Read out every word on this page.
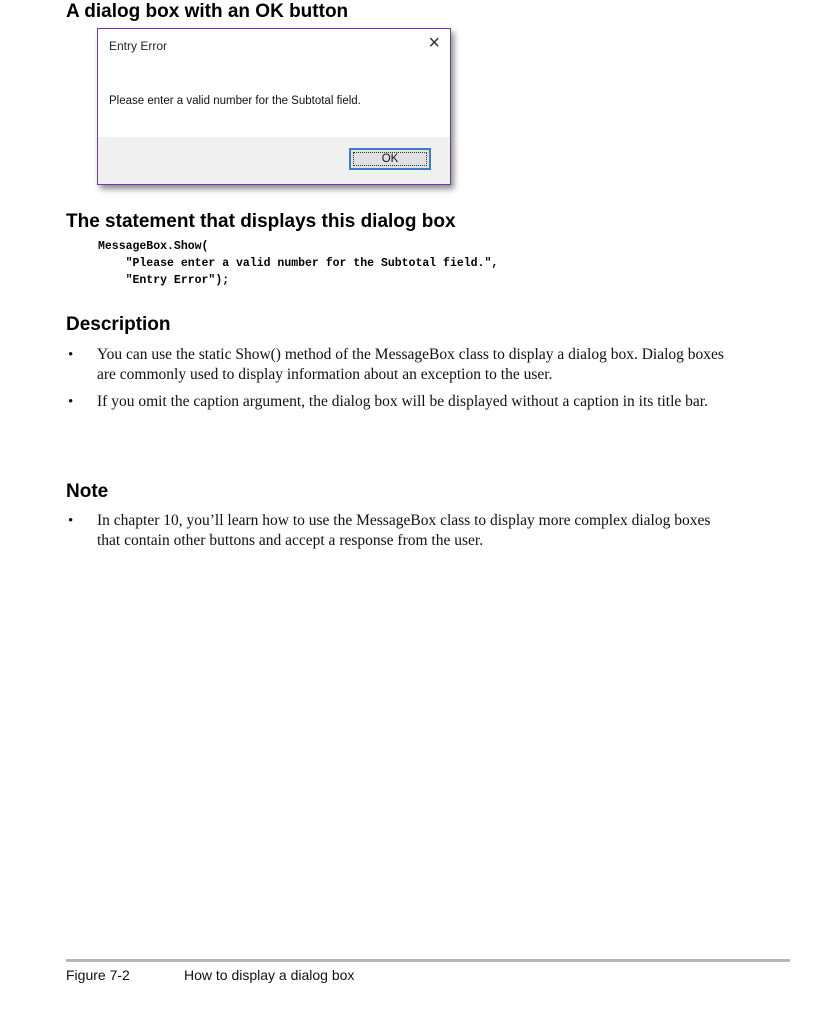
A dialog box with an OK button
Entry Error	×
Please enter a valid number for the Subtotal field.
OK
The statement that displays this dialog box
MessageBox.Show(
"Please enter a valid number for the Subtotal field.",
"Entry Error");
Description
• You can use the static Show() method of the MessageBox class to display a dialog box. Dialog boxes are commonly used to display information about an exception to the user.
• If you omit the caption argument, the dialog box will be displayed without a caption in its title bar.
Note
• In chapter 10, you’ll learn how to use the MessageBox class to display more complex dialog boxes that contain other buttons and accept a response from the user.
Figure 7-2	How to display a dialog box
